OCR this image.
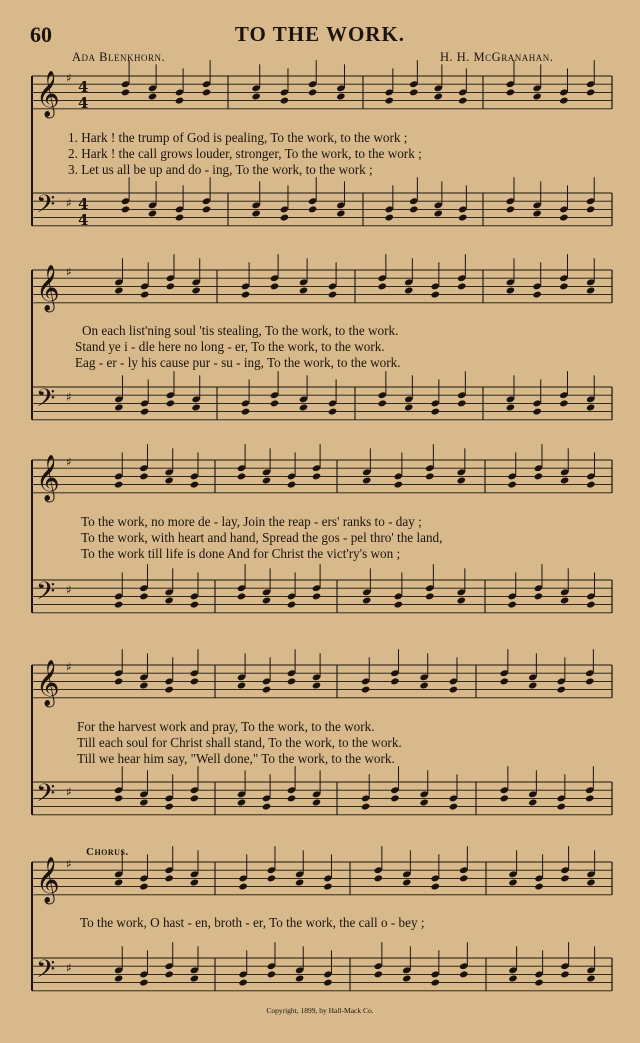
60	TO THE WORK.
Ada Blenkhorn.	H. H. McGranahan.
𝄞 ♯ 4
4
𝄢 ♯ 4
4
𝄞 ♯
𝄢 ♯
𝄞 ♯
𝄢 ♯
𝄞 ♯
𝄢 ♯
𝄞 ♯
𝄢 ♯
Chorus.
1. Hark ! the trump of God is pealing, To the work, to the work ;
2. Hark ! the call grows louder, stronger, To the work, to the work ;
3. Let us all be up and do - ing, To the work, to the work ;
On each list'ning soul 'tis stealing, To the work, to the work.
Stand ye i - dle here no long - er, To the work, to the work.
Eag - er - ly his cause pur - su - ing, To the work, to the work.
To the work, no more de - lay, Join the reap - ers' ranks to - day ;
To the work, with heart and hand, Spread the gos - pel thro' the land,
To the work till life is done And for Christ the vict'ry's won ;
For the harvest work and pray, To the work, to the work.
Till each soul for Christ shall stand, To the work, to the work.
Till we hear him say, "Well done," To the work, to the work.
To the work, O hast - en, broth - er, To the work, the call o - bey ;
Copyright, 1899, by Hall-Mack Co.
